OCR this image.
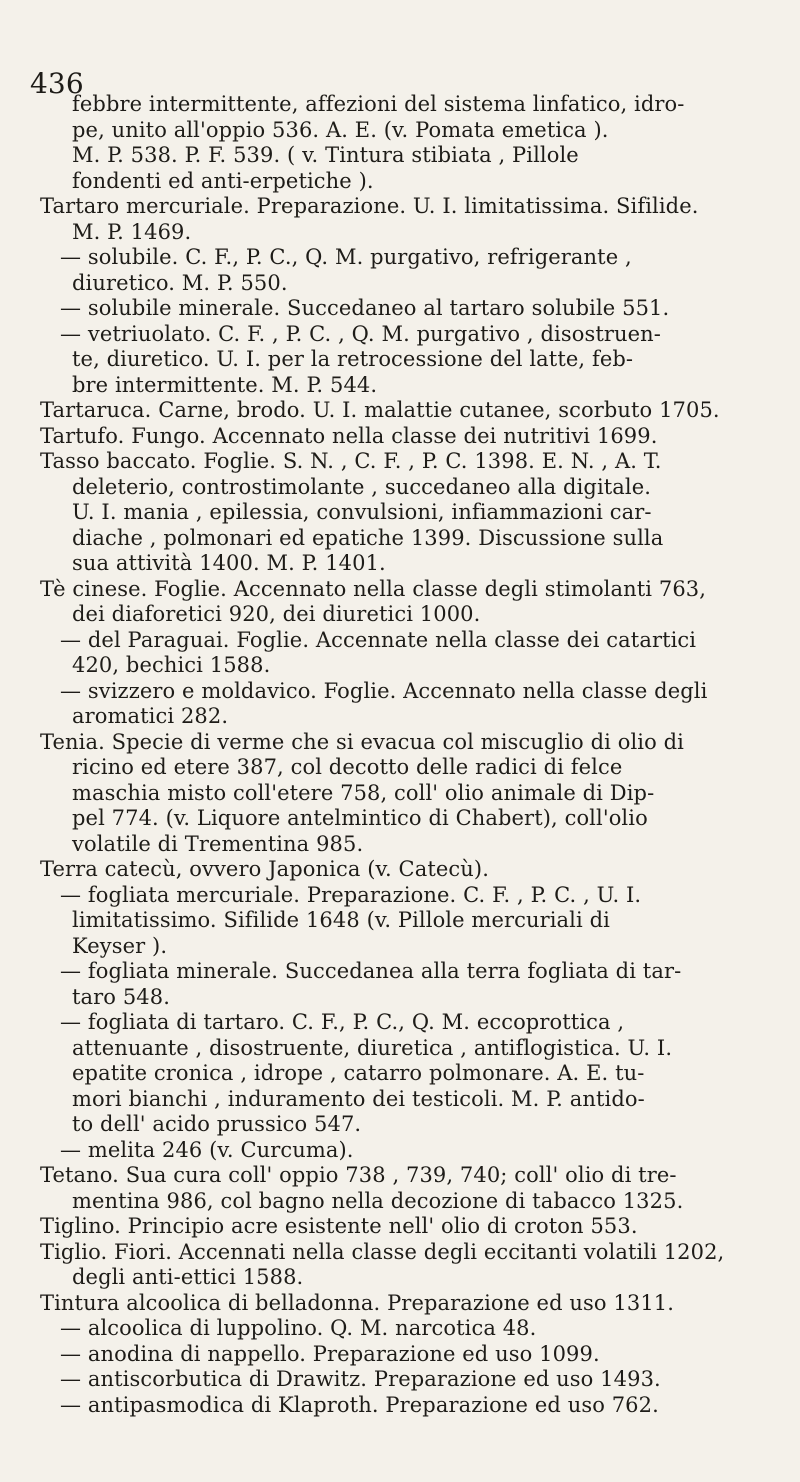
436
febbre intermittente, affezioni del sistema linfatico, idro-
pe, unito all'oppio 536. A. E. (v. Pomata emetica ).
M. P. 538. P. F. 539. ( v. Tintura stibiata , Pillole
fondenti ed anti-erpetiche ).
Tartaro mercuriale. Preparazione. U. I. limitatissima. Sifilide.
M. P. 1469.
— solubile. C. F., P. C., Q. M. purgativo, refrigerante ,
diuretico. M. P. 550.
— solubile minerale. Succedaneo al tartaro solubile 551.
— vetriuolato. C. F. , P. C. , Q. M. purgativo , disostruen-
te, diuretico. U. I. per la retrocessione del latte, feb-
bre intermittente. M. P. 544.
Tartaruca. Carne, brodo. U. I. malattie cutanee, scorbuto 1705.
Tartufo. Fungo. Accennato nella classe dei nutritivi 1699.
Tasso baccato. Foglie. S. N. , C. F. , P. C. 1398. E. N. , A. T.
deleterio, controstimolante , succedaneo alla digitale.
U. I. mania , epilessia, convulsioni, infiammazioni car-
diache , polmonari ed epatiche 1399. Discussione sulla
sua attività 1400. M. P. 1401.
Tè cinese. Foglie. Accennato nella classe degli stimolanti 763,
dei diaforetici 920, dei diuretici 1000.
— del Paraguai. Foglie. Accennate nella classe dei catartici
420, bechici 1588.
— svizzero e moldavico. Foglie. Accennato nella classe degli
aromatici 282.
Tenia. Specie di verme che si evacua col miscuglio di olio di
ricino ed etere 387, col decotto delle radici di felce
maschia misto coll'etere 758, coll' olio animale di Dip-
pel 774. (v. Liquore antelmintico di Chabert), coll'olio
volatile di Trementina 985.
Terra catecù, ovvero Japonica (v. Catecù).
— fogliata mercuriale. Preparazione. C. F. , P. C. , U. I.
limitatissimo. Sifilide 1648 (v. Pillole mercuriali di
Keyser ).
— fogliata minerale. Succedanea alla terra fogliata di tar-
taro 548.
— fogliata di tartaro. C. F., P. C., Q. M. eccoprottica ,
attenuante , disostruente, diuretica , antiflogistica. U. I.
epatite cronica , idrope , catarro polmonare. A. E. tu-
mori bianchi , induramento dei testicoli. M. P. antido-
to dell' acido prussico 547.
— melita 246 (v. Curcuma).
Tetano. Sua cura coll' oppio 738 , 739, 740; coll' olio di tre-
mentina 986, col bagno nella decozione di tabacco 1325.
Tiglino. Principio acre esistente nell' olio di croton 553.
Tiglio. Fiori. Accennati nella classe degli eccitanti volatili 1202,
degli anti-ettici 1588.
Tintura alcoolica di belladonna. Preparazione ed uso 1311.
— alcoolica di luppolino. Q. M. narcotica 48.
— anodina di nappello. Preparazione ed uso 1099.
— antiscorbutica di Drawitz. Preparazione ed uso 1493.
— antipasmodica di Klaproth. Preparazione ed uso 762.
